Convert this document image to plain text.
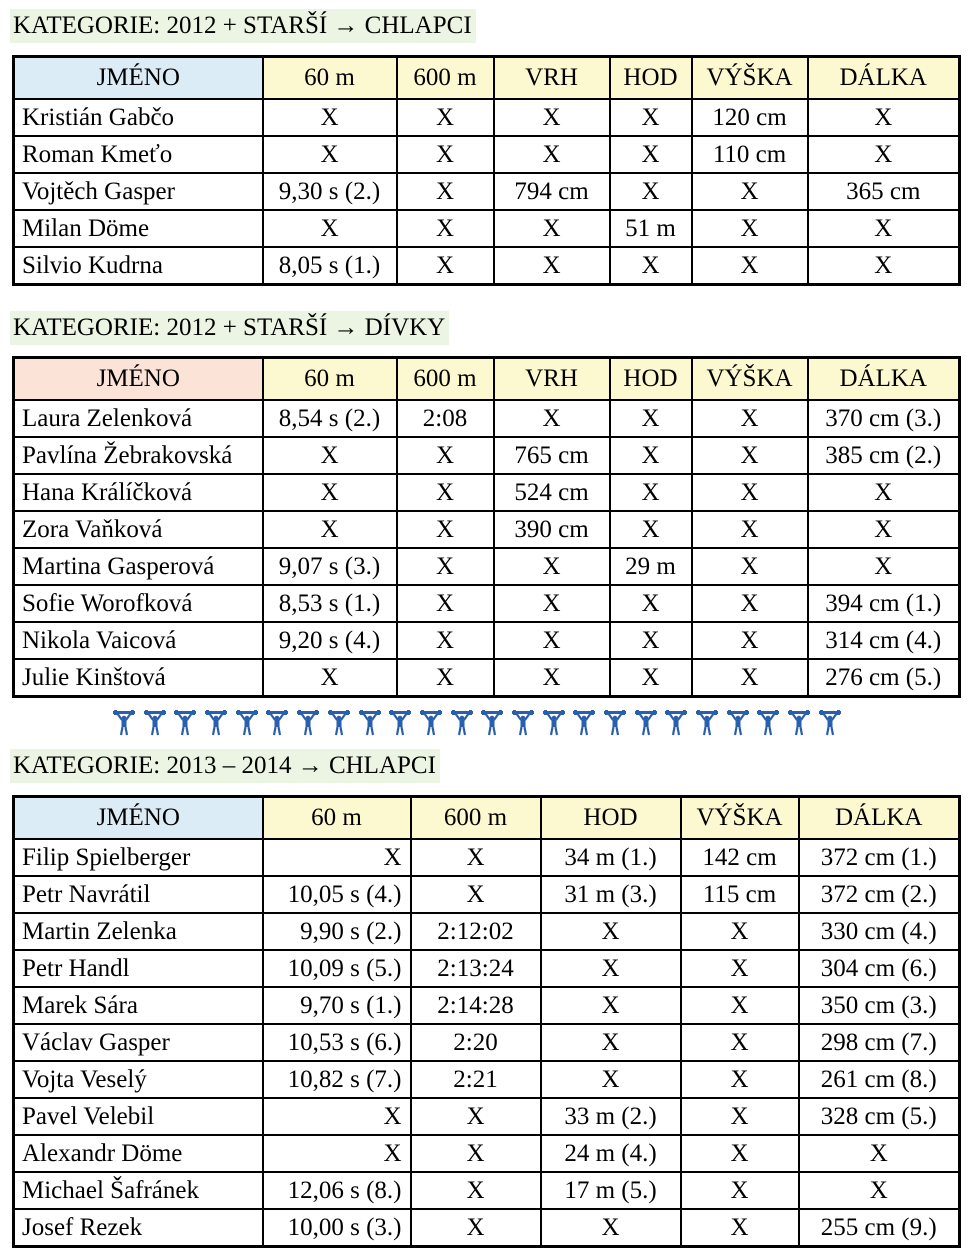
KATEGORIE: 2012 + STARŠÍ → CHLAPCI
JMÉNO	60 m	600 m	VRH	HOD	VÝŠKA	DÁLKA
Kristián Gabčo	X	X	X	X	120 cm	X
Roman Kmeťo	X	X	X	X	110 cm	X
Vojtěch Gasper	9,30 s (2.)	X	794 cm	X	X	365 cm
Milan Döme	X	X	X	51 m	X	X
Silvio Kudrna	8,05 s (1.)	X	X	X	X	X
KATEGORIE: 2012 + STARŠÍ → DÍVKY
JMÉNO	60 m	600 m	VRH	HOD	VÝŠKA	DÁLKA
Laura Zelenková	8,54 s (2.)	2:08	X	X	X	370 cm (3.)
Pavlína Žebrakovská	X	X	765 cm	X	X	385 cm (2.)
Hana Králíčková	X	X	524 cm	X	X	X
Zora Vaňková	X	X	390 cm	X	X	X
Martina Gasperová	9,07 s (3.)	X	X	29 m	X	X
Sofie Worofková	8,53 s (1.)	X	X	X	X	394 cm (1.)
Nikola Vaicová	9,20 s (4.)	X	X	X	X	314 cm (4.)
Julie Kinštová	X	X	X	X	X	276 cm (5.)
KATEGORIE: 2013 – 2014 → CHLAPCI
JMÉNO	60 m	600 m	HOD	VÝŠKA	DÁLKA
Filip Spielberger	X	X	34 m (1.)	142 cm	372 cm (1.)
Petr Navrátil	10,05 s (4.)	X	31 m (3.)	115 cm	372 cm (2.)
Martin Zelenka	9,90 s (2.)	2:12:02	X	X	330 cm (4.)
Petr Handl	10,09 s (5.)	2:13:24	X	X	304 cm (6.)
Marek Sára	9,70 s (1.)	2:14:28	X	X	350 cm (3.)
Václav Gasper	10,53 s (6.)	2:20	X	X	298 cm (7.)
Vojta Veselý	10,82 s (7.)	2:21	X	X	261 cm (8.)
Pavel Velebil	X	X	33 m (2.)	X	328 cm (5.)
Alexandr Döme	X	X	24 m (4.)	X	X
Michael Šafránek	12,06 s (8.)	X	17 m (5.)	X	X
Josef Rezek	10,00 s (3.)	X	X	X	255 cm (9.)
